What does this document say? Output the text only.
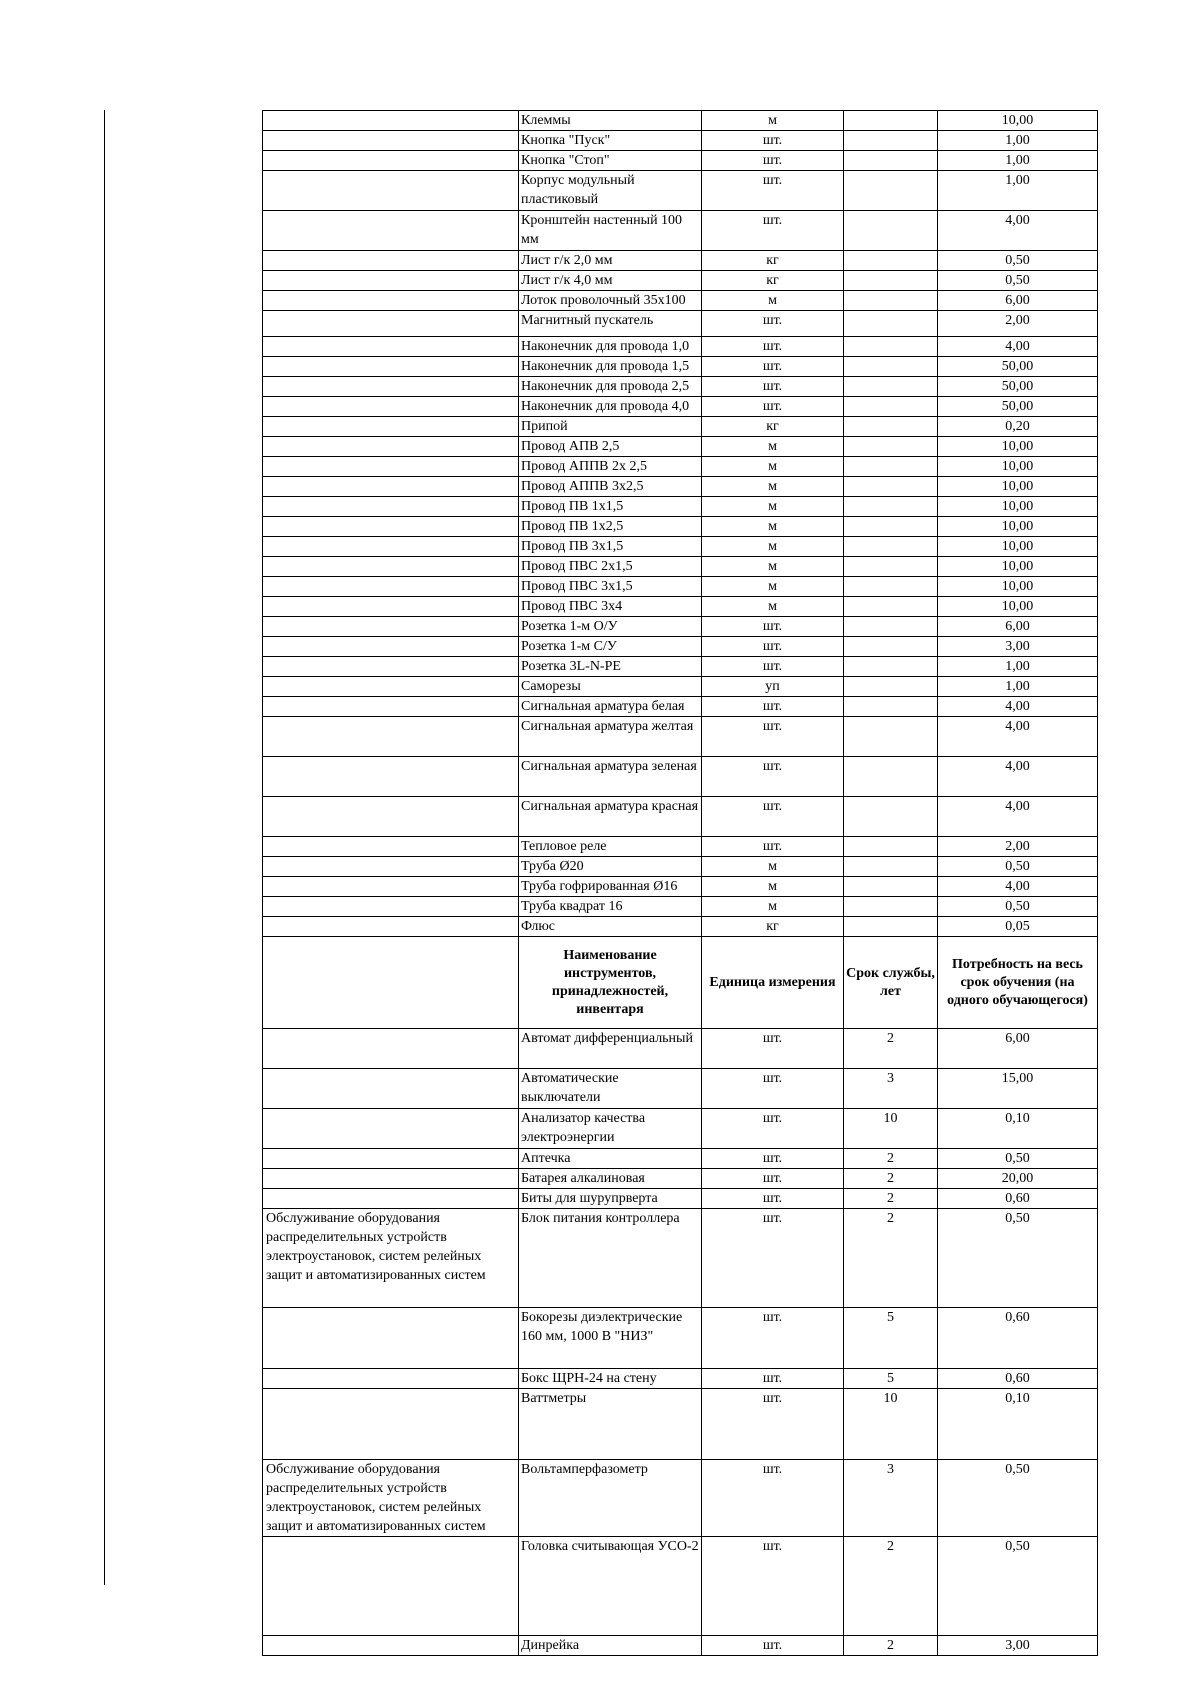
	Клеммы	м		10,00
	Кнопка "Пуск"	шт.		1,00
	Кнопка "Стоп"	шт.		1,00
	Корпус модульный пластиковый	шт.		1,00
	Кронштейн настенный 100 мм	шт.		4,00
	Лист г/к 2,0 мм	кг		0,50
	Лист г/к 4,0 мм	кг		0,50
	Лоток проволочный 35х100	м		6,00
	Магнитный пускатель	шт.		2,00
	Наконечник для провода 1,0	шт.		4,00
	Наконечник для провода 1,5	шт.		50,00
	Наконечник для провода 2,5	шт.		50,00
	Наконечник для провода 4,0	шт.		50,00
	Припой	кг		0,20
	Провод АПВ 2,5	м		10,00
	Провод АППВ 2х 2,5	м		10,00
	Провод АППВ 3х2,5	м		10,00
	Провод ПВ 1х1,5	м		10,00
	Провод ПВ 1х2,5	м		10,00
	Провод ПВ 3х1,5	м		10,00
	Провод ПВС 2х1,5	м		10,00
	Провод ПВС 3х1,5	м		10,00
	Провод ПВС 3х4	м		10,00
	Розетка 1-м О/У	шт.		6,00
	Розетка 1-м С/У	шт.		3,00
	Розетка 3L-N-PE	шт.		1,00
	Саморезы	уп		1,00
	Сигнальная арматура белая	шт.		4,00
	Сигнальная арматура желтая	шт.		4,00
	Сигнальная арматура зеленая	шт.		4,00
	Сигнальная арматура красная	шт.		4,00
	Тепловое реле	шт.		2,00
	Труба Ø20	м		0,50
	Труба гофрированная Ø16	м		4,00
	Труба квадрат 16	м		0,50
	Флюс	кг		0,05
	Наименование инструментов, принадлежностей, инвентаря	Единица измерения	Срок службы, лет	Потребность на весь срок обучения (на одного обучающегося)
	Автомат дифференциальный	шт.	2	6,00
	Автоматические выключатели	шт.	3	15,00
	Анализатор качества электроэнергии	шт.	10	0,10
	Аптечка	шт.	2	0,50
	Батарея алкалиновая	шт.	2	20,00
	Биты для шурупрверта	шт.	2	0,60
Обслуживание оборудования распределительных устройств электроустановок, систем релейных защит и автоматизированных систем	Блок питания контроллера	шт.	2	0,50
	Бокорезы диэлектрические 160 мм, 1000 В "НИЗ"	шт.	5	0,60
	Бокс ЩРН-24 на стену	шт.	5	0,60
	Ваттметры	шт.	10	0,10
Обслуживание оборудования распределительных устройств электроустановок, систем релейных защит и автоматизированных систем	Вольтамперфазометр	шт.	3	0,50
	Головка считывающая УСО-2	шт.	2	0,50
	Динрейка	шт.	2	3,00
